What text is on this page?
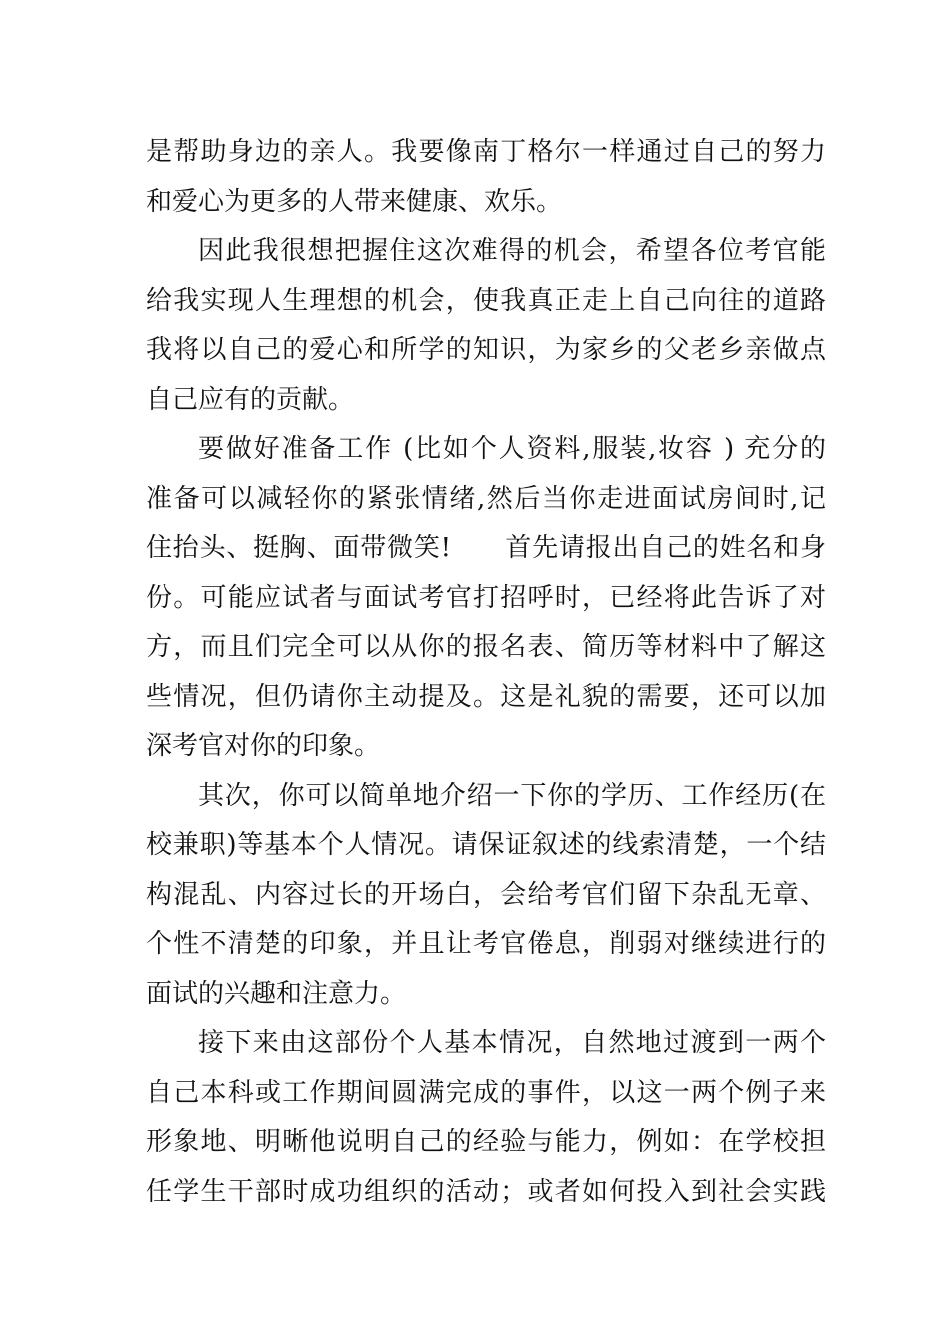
是帮助身边的亲人。我要像南丁格尔一样通过自己的努力
和爱心为更多的人带来健康、欢乐。
因此我很想把握住这次难得的机会，希望各位考官能
给我实现人生理想的机会，使我真正走上自己向往的道路
我将以自己的爱心和所学的知识，为家乡的父老乡亲做点
自己应有的贡献。
要做好准备工作 (比如个人资料,服装,妆容 ) 充分的
准备可以减轻你的紧张情绪,然后当你走进面试房间时,记
住抬头、挺胸、面带微笑!　　首先请报出自己的姓名和身
份。可能应试者与面试考官打招呼时，已经将此告诉了对
方，而且们完全可以从你的报名表、简历等材料中了解这
些情况，但仍请你主动提及。这是礼貌的需要，还可以加
深考官对你的印象。
其次，你可以简单地介绍一下你的学历、工作经历(在
校兼职)等基本个人情况。请保证叙述的线索清楚，一个结
构混乱、内容过长的开场白，会给考官们留下杂乱无章、
个性不清楚的印象，并且让考官倦息，削弱对继续进行的
面试的兴趣和注意力。
接下来由这部份个人基本情况，自然地过渡到一两个
自己本科或工作期间圆满完成的事件，以这一两个例子来
形象地、明晰他说明自己的经验与能力，例如：在学校担
任学生干部时成功组织的活动；或者如何投入到社会实践
